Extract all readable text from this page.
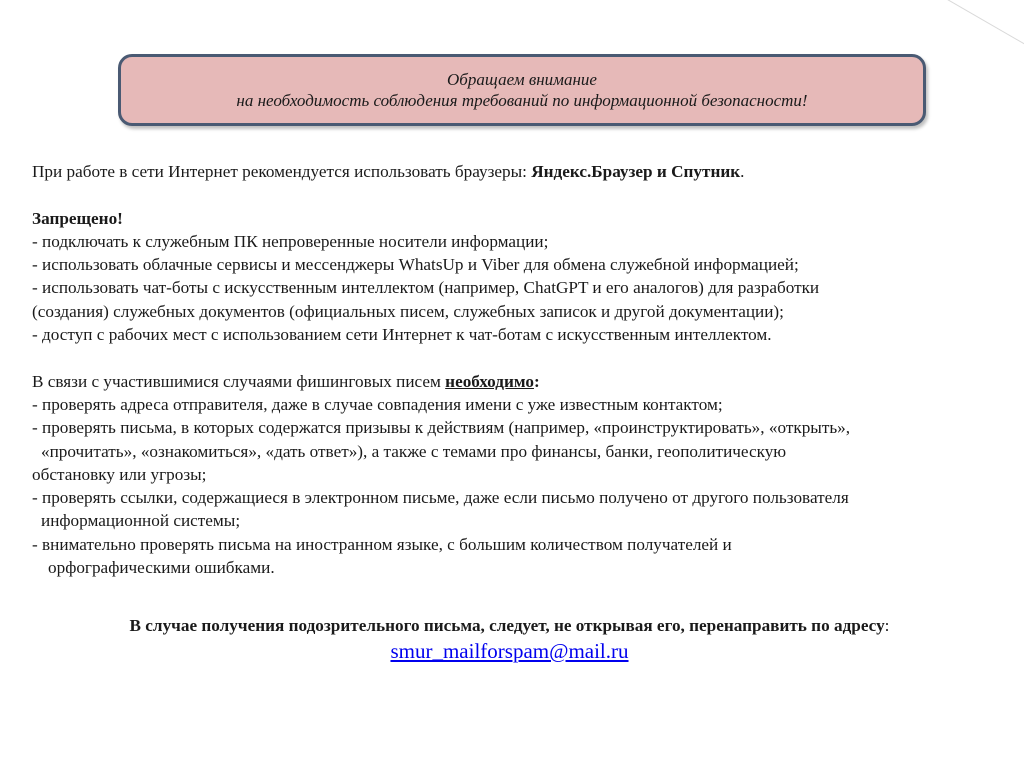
Обращаем внимание
на необходимость соблюдения требований по информационной безопасности!
При работе в сети Интернет рекомендуется использовать браузеры: Яндекс.Браузер и Спутник.
Запрещено!
- подключать к служебным ПК непроверенные носители информации;
- использовать облачные сервисы и мессенджеры WhatsUp и Viber для обмена служебной информацией;
- использовать чат-боты с искусственным интеллектом (например, ChatGPT и его аналогов) для разработки
(создания) служебных документов (официальных писем, служебных записок и другой документации);
- доступ с рабочих мест с использованием сети Интернет к чат-ботам с искусственным интеллектом.
В связи с участившимися случаями фишинговых писем необходимо:
- проверять адреса отправителя, даже в случае совпадения имени с уже известным контактом;
- проверять письма, в которых содержатся призывы к действиям (например, «проинструктировать», «открыть»,
«прочитать», «ознакомиться», «дать ответ»), а также с темами про финансы, банки, геополитическую
обстановку или угрозы;
- проверять ссылки, содержащиеся в электронном письме, даже если письмо получено от другого пользователя
информационной системы;
- внимательно проверять письма на иностранном языке, с большим количеством получателей и
орфографическими ошибками.
В случае получения подозрительного письма, следует, не открывая его, перенаправить по адресу:
smur_mailforspam@mail.ru
